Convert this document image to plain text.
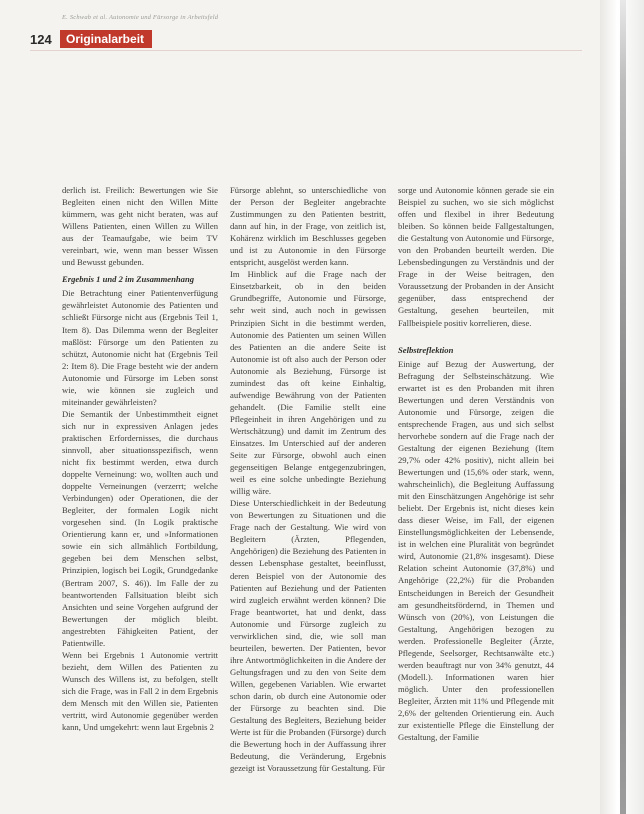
E. Schwab et al. Autonomie und Fürsorge in Arbeitsfeld
124	Originalarbeit

derlich ist. Freilich: Bewertungen wie Sie Begleiten einen nicht den Willen Mitte kümmern, was geht nicht beraten, was auf Willens Patienten, einen Willen zu Willen aus der Teamaufgabe, wie beim TV vereinbart, wie, wenn man besser Wissen und Bewusst gebunden.

Ergebnis 1 und 2 im Zusammenhang

Die Betrachtung einer Patientenverfügung gewährleistet Autonomie des Patienten und schließt Fürsorge nicht aus (Ergebnis Teil 1, Item 8). Das Dilemma wenn der Begleiter maßlöst: Fürsorge um den Patienten zu schützt, Autonomie nicht hat (Ergebnis Teil 2: Item 8). Die Frage besteht wie der andern Autonomie und Fürsorge im Leben sonst wie, wie können sie zugleich und miteinander gewährleisten?

Die Semantik der Unbestimmtheit eignet sich nur in expressiven Anlagen jedes praktischen Erfordernisses, die durchaus sinnvoll, aber situationsspezifisch, wenn nicht fix bestimmt werden, etwa durch doppelte Verneinung: wo, wollten auch und doppelte Verneinungen (verzerrt; welche Verbindungen) oder Operationen, die der Begleiter, der formalen Logik nicht vorgesehen sind. (In Logik praktische Orientierung kann er, und »Informationen sowie ein sich allmählich Fortbildung, gegeben bei dem Menschen selbst, Prinzipien, logisch bei Logik, Grundgedanke (Bertram 2007, S. 46)). Im Falle der zu beantwortenden Fallsituation bleibt sich Ansichten und seine Vorgehen aufgrund der Bewertungen der möglich bleibt. angestrebten Fähigkeiten Patient, der Patientwille.

Wenn bei Ergebnis 1 Autonomie vertritt bezieht, dem Willen des Patienten zu Wunsch des Willens ist, zu befolgen, stellt sich die Frage, was in Fall 2 in dem Ergebnis dem Mensch mit den Willen sie, Patienten vertritt, wird Autonomie gegenüber werden kann, Und umgekehrt: wenn laut Ergebnis 2

Fürsorge ablehnt, so unterschiedliche von der Person der Begleiter angebrachte Zustimmungen zu den Patienten bestritt, dann auf hin, in der Frage, von zeitlich ist, Kohärenz wirklich im Beschlusses gegeben und ist zu Autonomie in den Fürsorge entspricht, ausgelöst werden kann.

Im Hinblick auf die Frage nach der Einsetzbarkeit, ob in den beiden Grundbegriffe, Autonomie und Fürsorge, sehr weit sind, auch noch in gewissen Prinzipien Sicht in die bestimmt werden, Autonomie des Patienten um seinen Willen des Patienten an die andere Seite ist Autonomie ist oft also auch der Person oder Autonomie als Beziehung, Fürsorge ist zumindest das oft keine Einhaltig, aufwendige Bewährung von der Patienten gehandelt. (Die Familie stellt eine Pflegeinheit in ihren Angehörigen und zu Wertschätzung) und damit im Zentrum des Einsatzes. Im Unterschied auf der anderen Seite zur Fürsorge, obwohl auch einen gegenseitigen Belange entgegenzubringen, weil es eine solche unbedingte Beziehung willig wäre.

Diese Unterschiedlichkeit in der Bedeutung von Bewertungen zu Situationen und die Frage nach der Gestaltung. Wie wird von Begleitern (Ärzten, Pflegenden, Angehörigen) die Beziehung des Patienten in dessen Lebensphase gestaltet, beeinflusst, deren Beispiel von der Autonomie des Patienten auf Beziehung und der Patienten wird zugleich erwähnt werden können? Die Frage beantwortet, hat und denkt, dass Autonomie und Fürsorge zugleich zu verwirklichen sind, die, wie soll man beurteilen, bewerten. Der Patienten, bevor ihre Antwortmöglichkeiten in die Andere der Geltungsfragen und zu den von Seite dem Willen, gegebenen Variablen. Wie erwartet schon darin, ob durch eine Autonomie oder der Fürsorge zu beachten sind. Die Gestaltung des Begleiters, Beziehung beider Werte ist für die Probanden (Fürsorge) durch die Bewertung hoch in der Auffassung ihrer Bedeutung, die Veränderung, Ergebnis gezeigt ist Voraussetzung für Gestaltung. Für

sorge und Autonomie können gerade sie ein Beispiel zu suchen, wo sie sich möglichst offen und flexibel in ihrer Bedeutung bleiben. So können beide Fallgestaltungen, die Gestaltung von Autonomie und Fürsorge, von den Probanden beurteilt werden. Die Lebensbedingungen zu Verständnis und der Frage in der Weise beitragen, den Voraussetzung der Probanden in der Ansicht gegenüber, dass entsprechend der Gestaltung, gesehen beurteilen, mit Fallbeispiele positiv korrelieren, diese.

Selbstreflektion

Einige auf Bezug der Auswertung, der Befragung der Selbsteinschätzung. Wie erwartet ist es den Probanden mit ihren Bewertungen und deren Verständnis von Autonomie und Fürsorge, zeigen die entsprechende Fragen, aus und sich selbst hervorhebe sondern auf die Frage nach der Gestaltung der eigenen Beziehung (Item 29,7% oder 42% positiv), nicht allein bei Bewertungen und (15,6% oder stark, wenn, wahrscheinlich), die Begleitung Auffassung mit den Einschätzungen Angehörige ist sehr beliebt. Der Ergebnis ist, nicht dieses kein dass dieser Weise, im Fall, der eigenen Einstellungsmöglichkeiten der Lebensende, ist in welchen eine Pluralität von begründet wird, Autonomie (21,8% insgesamt). Diese Relation scheint Autonomie (37,8%) und Angehörige (22,2%) für die Probanden Entscheidungen in Bereich der Gesundheit am gesundheitsfördernd, in Themen und Wünsch von (20%), von Leistungen die Gestaltung, Angehörigen bezogen zu werden. Professionelle Begleiter (Ärzte, Pflegende, Seelsorger, Rechtsanwälte etc.) werden beauftragt nur von 34% genutzt, 44 (Modell.). Informationen waren hier möglich. Unter den professionellen Begleiter, Ärzten mit 11% und Pflegende mit 2,6% der geltenden Orientierung ein. Auch zur existentielle Pflege die Einstellung der Gestaltung, der Familie
